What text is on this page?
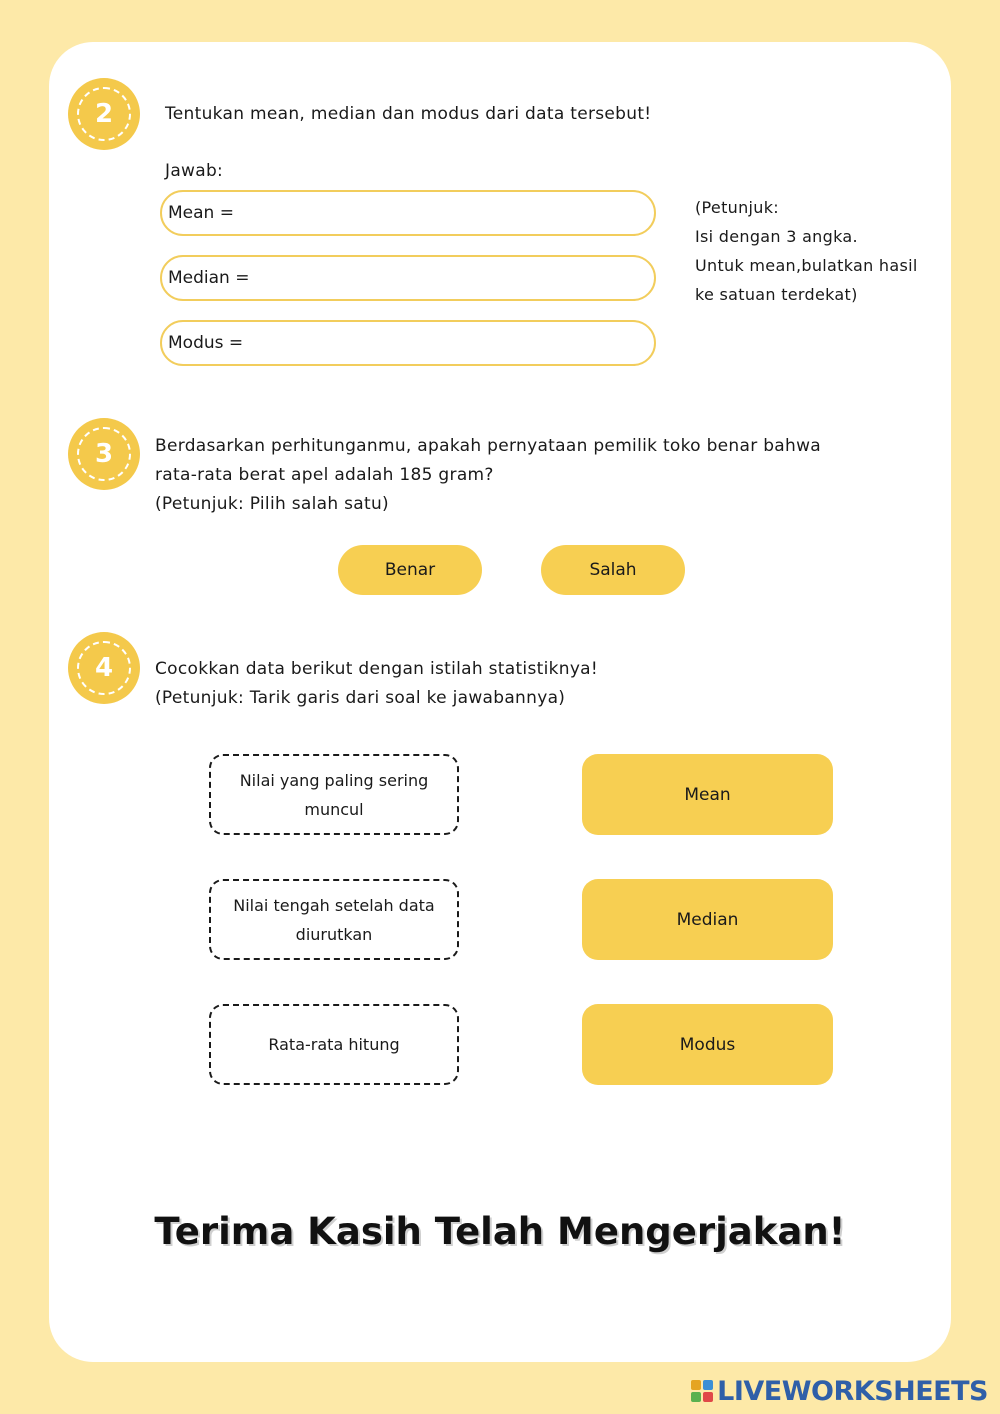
2	Tentukan mean, median dan modus dari data tersebut!
Jawab:
Mean =
Median =
Modus =
(Petunjuk:
Isi dengan 3 angka.
Untuk mean,bulatkan hasil
ke satuan terdekat)
3	Berdasarkan perhitunganmu, apakah pernyataan pemilik toko benar bahwa
rata-rata berat apel adalah 185 gram?
(Petunjuk: Pilih salah satu)
Benar	Salah
4	Cocokkan data berikut dengan istilah statistiknya!
(Petunjuk: Tarik garis dari soal ke jawabannya)
Nilai yang paling sering muncul
Nilai tengah setelah data diurutkan
Rata-rata hitung
Mean
Median
Modus
Terima Kasih Telah Mengerjakan!
LIVEWORKSHEETS
